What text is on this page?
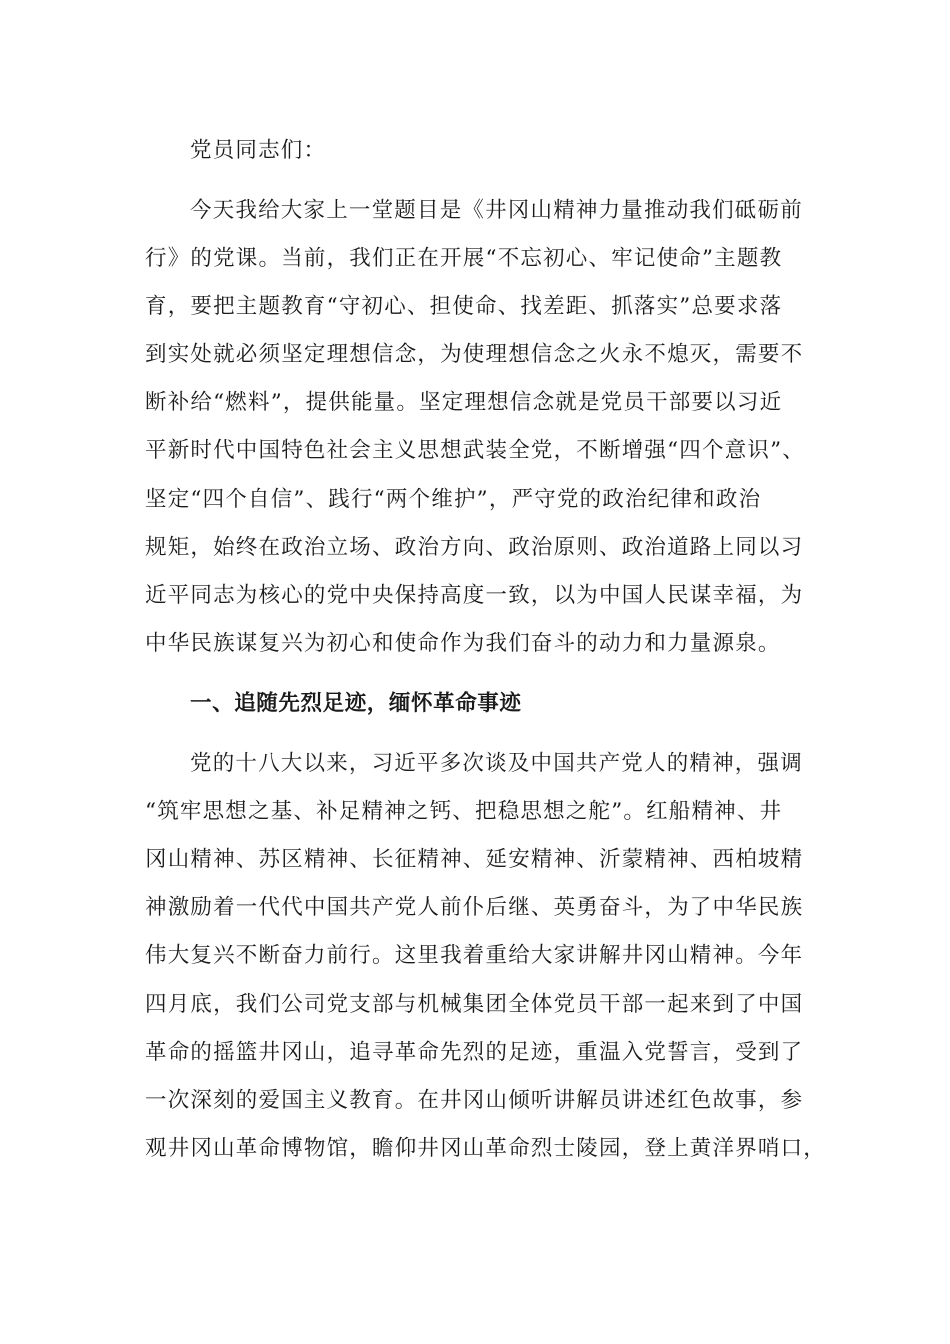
党员同志们：
今天我给大家上一堂题目是《井冈山精神力量推动我们砥砺前
行》的党课。当前，我们正在开展“不忘初心、牢记使命”主题教
育，要把主题教育“守初心、担使命、找差距、抓落实”总要求落
到实处就必须坚定理想信念，为使理想信念之火永不熄灭，需要不
断补给“燃料”，提供能量。坚定理想信念就是党员干部要以习近
平新时代中国特色社会主义思想武装全党，不断增强“四个意识”、
坚定“四个自信”、践行“两个维护”，严守党的政治纪律和政治
规矩，始终在政治立场、政治方向、政治原则、政治道路上同以习
近平同志为核心的党中央保持高度一致，以为中国人民谋幸福，为
中华民族谋复兴为初心和使命作为我们奋斗的动力和力量源泉。
一、追随先烈足迹，缅怀革命事迹
党的十八大以来，习近平多次谈及中国共产党人的精神，强调
“筑牢思想之基、补足精神之钙、把稳思想之舵”。红船精神、井
冈山精神、苏区精神、长征精神、延安精神、沂蒙精神、西柏坡精
神激励着一代代中国共产党人前仆后继、英勇奋斗，为了中华民族
伟大复兴不断奋力前行。这里我着重给大家讲解井冈山精神。今年
四月底，我们公司党支部与机械集团全体党员干部一起来到了中国
革命的摇篮井冈山，追寻革命先烈的足迹，重温入党誓言，受到了
一次深刻的爱国主义教育。在井冈山倾听讲解员讲述红色故事，参
观井冈山革命博物馆，瞻仰井冈山革命烈士陵园，登上黄洋界哨口，
